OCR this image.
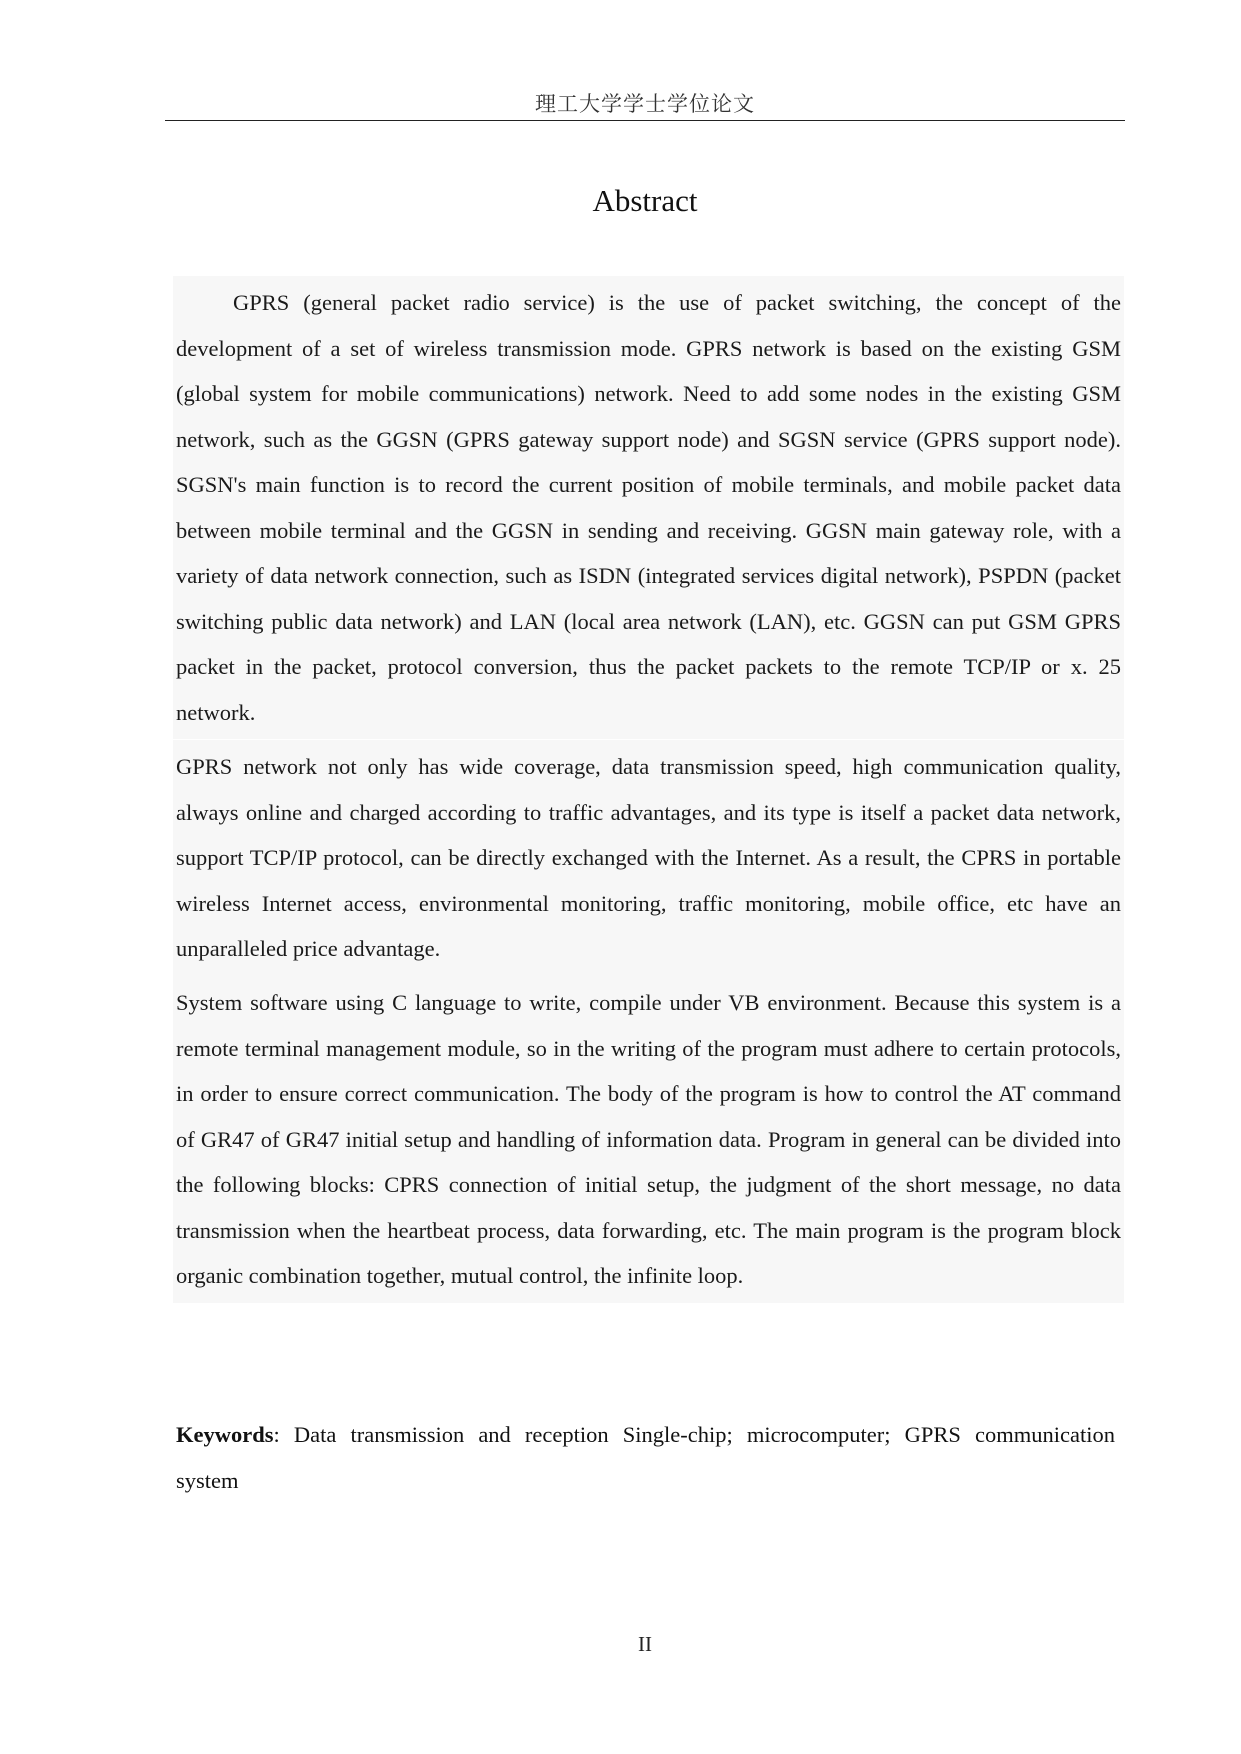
理工大学学士学位论文
Abstract
GPRS (general packet radio service) is the use of packet switching, the concept of the development of a set of wireless transmission mode. GPRS network is based on the existing GSM (global system for mobile communications) network. Need to add some nodes in the existing GSM network, such as the GGSN (GPRS gateway support node) and SGSN service (GPRS support node). SGSN's main function is to record the current position of mobile terminals, and mobile packet data between mobile terminal and the GGSN in sending and receiving. GGSN main gateway role, with a variety of data network connection, such as ISDN (integrated services digital network), PSPDN (packet switching public data network) and LAN (local area network (LAN), etc. GGSN can put GSM GPRS packet in the packet, protocol conversion, thus the packet packets to the remote TCP/IP or x. 25 network.
GPRS network not only has wide coverage, data transmission speed, high communication quality, always online and charged according to traffic advantages, and its type is itself a packet data network, support TCP/IP protocol, can be directly exchanged with the Internet. As a result, the CPRS in portable wireless Internet access, environmental monitoring, traffic monitoring, mobile office, etc have an unparalleled price advantage.
System software using C language to write, compile under VB environment. Because this system is a remote terminal management module, so in the writing of the program must adhere to certain protocols, in order to ensure correct communication. The body of the program is how to control the AT command of GR47 of GR47 initial setup and handling of information data. Program in general can be divided into the following blocks: CPRS connection of initial setup, the judgment of the short message, no data transmission when the heartbeat process, data forwarding, etc. The main program is the program block organic combination together, mutual control, the infinite loop.
Keywords: Data transmission and reception Single-chip; microcomputer; GPRS communication system
II
